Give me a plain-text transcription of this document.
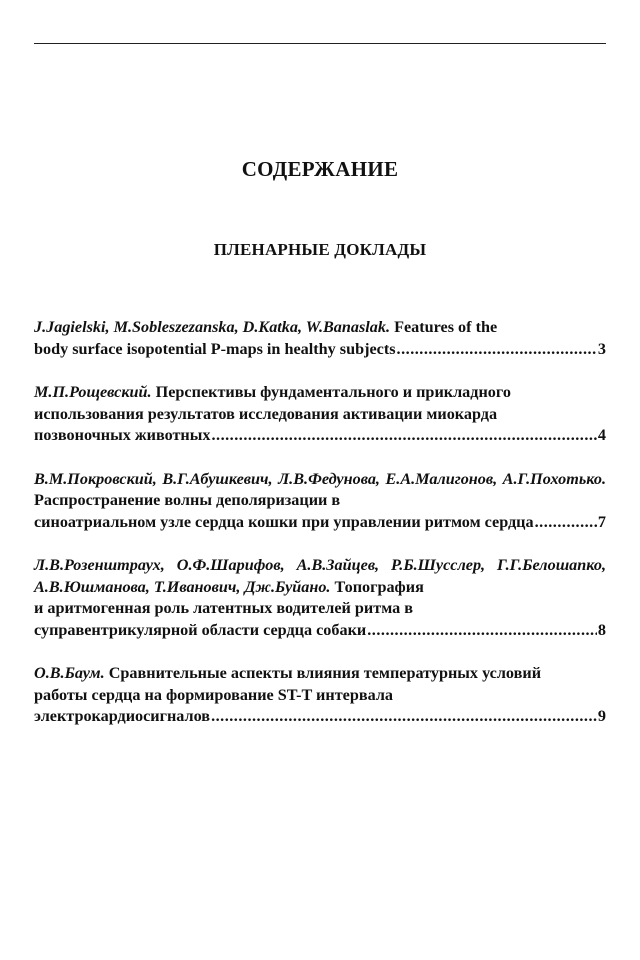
СОДЕРЖАНИЕ
ПЛЕНАРНЫЕ ДОКЛАДЫ
J.Jagielski, M.Sobleszezanska, D.Katka, W.Banaslak. Features of the
body surface isopotential P-maps in healthy subjects .....	3
М.П.Рощевский. Перспективы фундаментального и прикладного
использования результатов исследования активации миокарда
позвоночных животных .....	4
В.М.Покровский, В.Г.Абушкевич, Л.В.Федунова, Е.А.Малигонов, А.Г.Похотько. Распространение волны деполяризации в
синоатриальном узле сердца кошки при управлении ритмом сердца .....	7
Л.В.Розенштраух, О.Ф.Шарифов, А.В.Зайцев, Р.Б.Шусслер, Г.Г.Белошапко, А.В.Юшманова, Т.Иванович, Дж.Буйано. Топография
и аритмогенная роль латентных водителей ритма в
суправентрикулярной области сердца собаки .....	8
О.В.Баум. Сравнительные аспекты влияния температурных условий
работы сердца на формирование ST-T интервала
электрокардиосигналов .....	9
